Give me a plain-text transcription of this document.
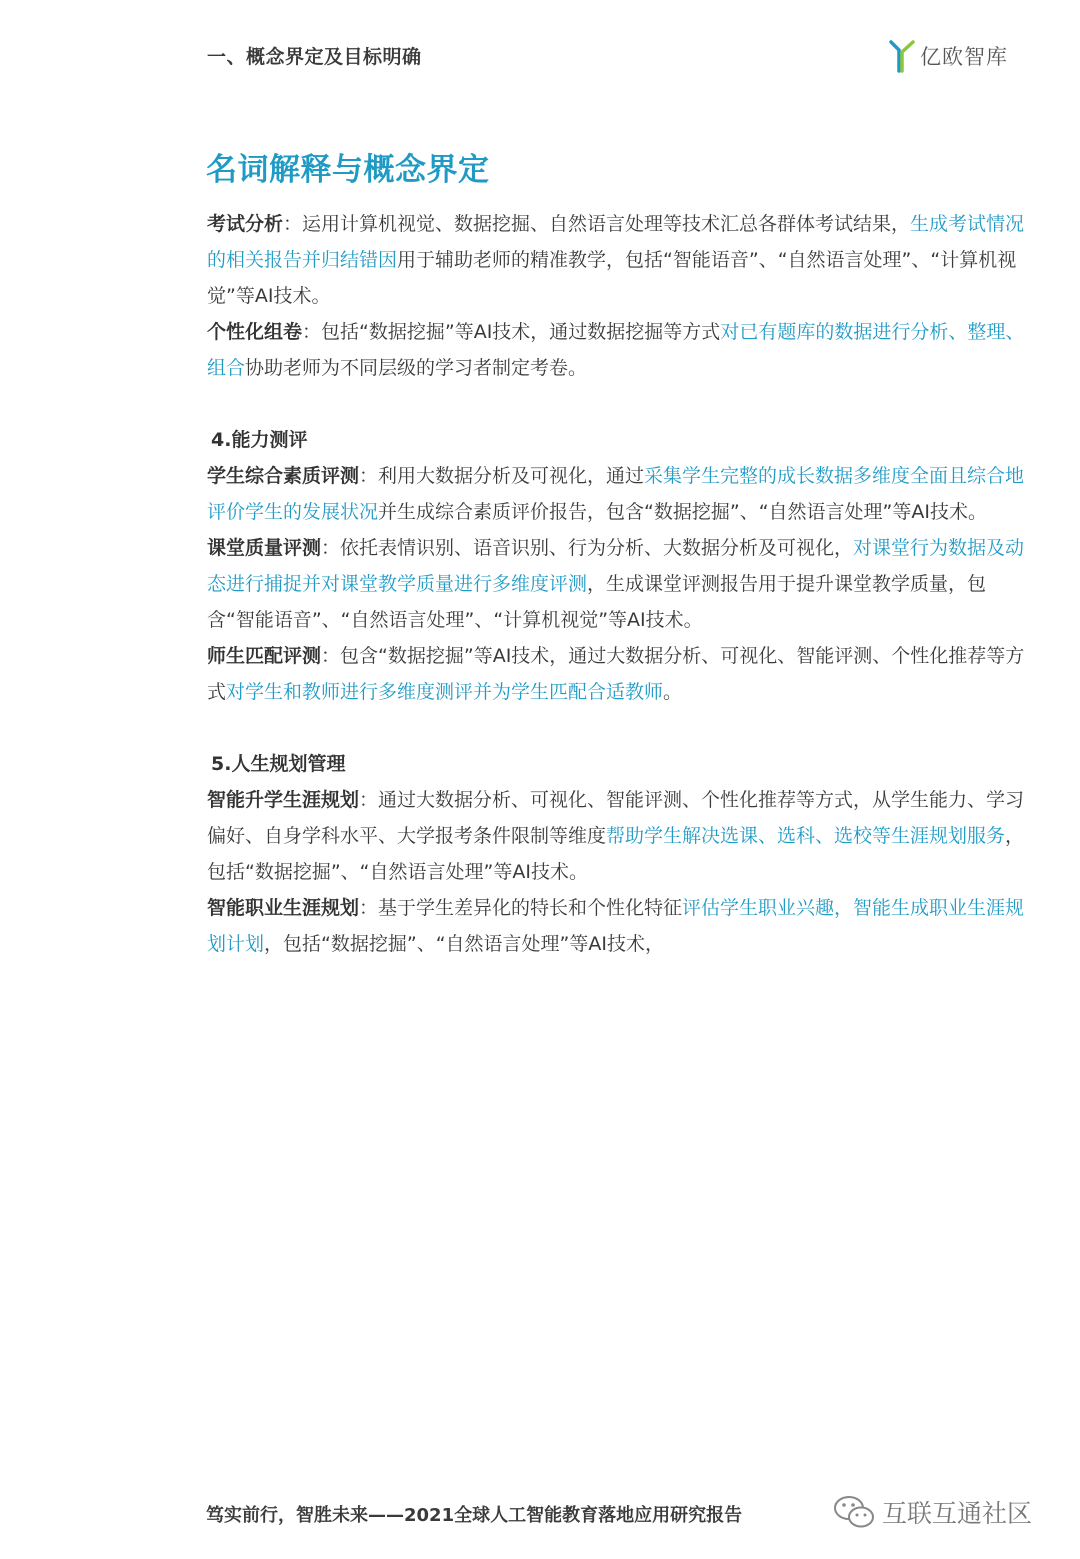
一、概念界定及目标明确	亿欧智库
名词解释与概念界定

考试分析：运用计算机视觉、数据挖掘、自然语言处理等技术汇总各群体考试结果，生成考试情况的相关报告并归结错因用于辅助老师的精准教学，包括“智能语音”、“自然语言处理”、“计算机视觉”等AI技术。

个性化组卷：包括“数据挖掘”等AI技术，通过数据挖掘等方式对已有题库的数据进行分析、整理、组合协助老师为不同层级的学习者制定考卷。

4.能力测评

学生综合素质评测：利用大数据分析及可视化，通过采集学生完整的成长数据多维度全面且综合地评价学生的发展状况并生成综合素质评价报告，包含“数据挖掘”、“自然语言处理”等AI技术。

课堂质量评测：依托表情识别、语音识别、行为分析、大数据分析及可视化，对课堂行为数据及动态进行捕捉并对课堂教学质量进行多维度评测，生成课堂评测报告用于提升课堂教学质量，包含“智能语音”、“自然语言处理”、“计算机视觉”等AI技术。

师生匹配评测：包含“数据挖掘”等AI技术，通过大数据分析、可视化、智能评测、个性化推荐等方式对学生和教师进行多维度测评并为学生匹配合适教师。

5.人生规划管理

智能升学生涯规划：通过大数据分析、可视化、智能评测、个性化推荐等方式，从学生能力、学习偏好、自身学科水平、大学报考条件限制等维度帮助学生解决选课、选科、选校等生涯规划服务，包括“数据挖掘”、“自然语言处理”等AI技术。

智能职业生涯规划：基于学生差异化的特长和个性化特征评估学生职业兴趣，智能生成职业生涯规划计划，包括“数据挖掘”、“自然语言处理”等AI技术，

笃实前行，智胜未来——2021全球人工智能教育落地应用研究报告	互联互通社区
